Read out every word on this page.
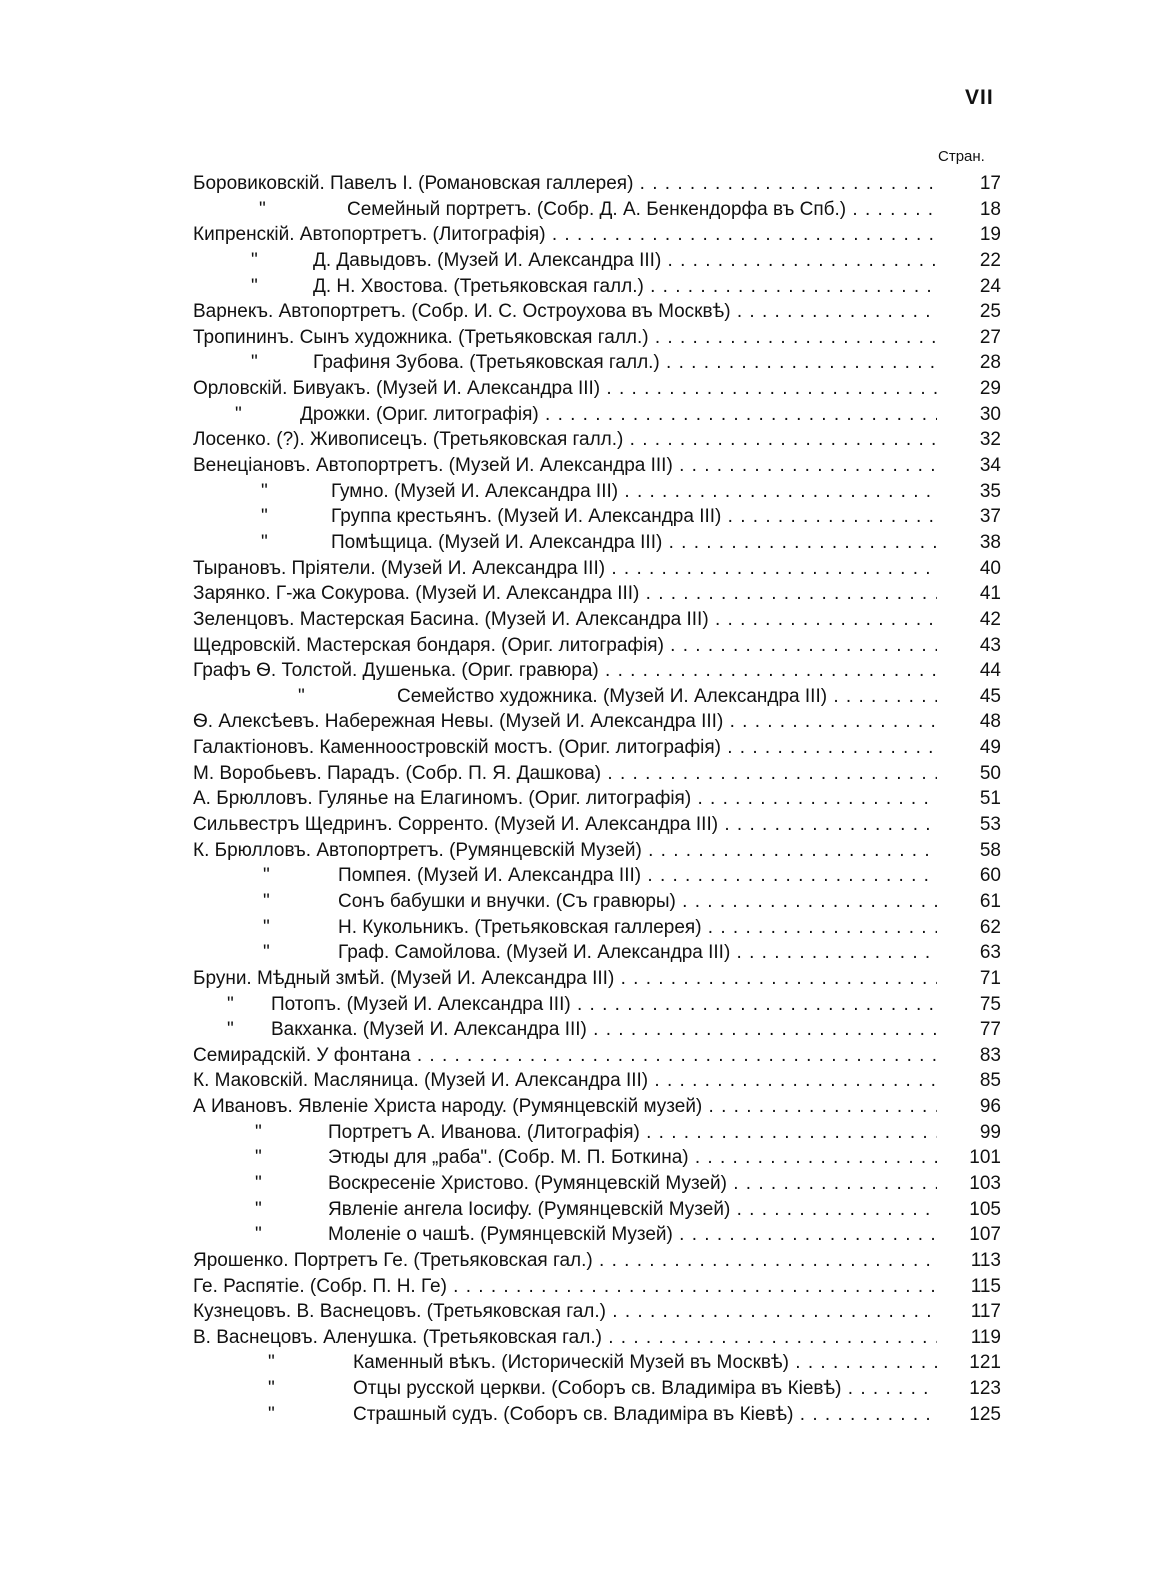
VII
Стран.
Боровиковскій. Павелъ I. (Романовская галлерея) . . .	17
"	Семейный портретъ. (Собр. Д. А. Бенкендорфа въ Спб.) . . .	18
Кипренскій. Автопортретъ. (Литографія) . . .	19
"	Д. Давыдовъ. (Музей И. Александра III) . . .	22
"	Д. Н. Хвостова. (Третьяковская галл.) . . .	24
Варнекъ. Автопортретъ. (Собр. И. С. Остроухова въ Москвѣ) . . .	25
Тропининъ. Сынъ художника. (Третьяковская галл.) . . .	27
"	Графиня Зубова. (Третьяковская галл.) . . .	28
Орловскій. Бивуакъ. (Музей И. Александра III) . . .	29
"	Дрожки. (Ориг. литографія) . . .	30
Лосенко. (?). Живописецъ. (Третьяковская галл.) . . .	32
Венеціановъ. Автопортретъ. (Музей И. Александра III) . . .	34
"	Гумно. (Музей И. Александра III) . . .	35
"	Группа крестьянъ. (Музей И. Александра III) . . .	37
"	Помѣщица. (Музей И. Александра III) . . .	38
Тырановъ. Пріятели. (Музей И. Александра III) . . .	40
Зарянко. Г-жа Сокурова. (Музей И. Александра III) . . .	41
Зеленцовъ. Мастерская Басина. (Музей И. Александра III) . . .	42
Щедровскій. Мастерская бондаря. (Ориг. литографія) . . .	43
Графъ Ѳ. Толстой. Душенька. (Ориг. гравюра) . . .	44
"	Семейство художника. (Музей И. Александра III) . . .	45
Ѳ. Алексѣевъ. Набережная Невы. (Музей И. Александра III) . . .	48
Галактіоновъ. Каменноостровскій мостъ. (Ориг. литографія) . . .	49
М. Воробьевъ. Парадъ. (Собр. П. Я. Дашкова) . . .	50
А. Брюлловъ. Гулянье на Елагиномъ. (Ориг. литографія) . . .	51
Сильвестръ Щедринъ. Сорренто. (Музей И. Александра III) . . .	53
К. Брюлловъ. Автопортретъ. (Румянцевскій Музей) . . .	58
"	Помпея. (Музей И. Александра III) . . .	60
"	Сонъ бабушки и внучки. (Съ гравюры) . . .	61
"	Н. Кукольникъ. (Третьяковская галлерея) . . .	62
"	Граф. Самойлова. (Музей И. Александра III) . . .	63
Бруни. Мѣдный змѣй. (Музей И. Александра III) . . .	71
" Потопъ. (Музей И. Александра III) . . .	75
" Вакханка. (Музей И. Александра III) . . .	77
Семирадскій. У фонтана . . .	83
К. Маковскій. Масляница. (Музей И. Александра III) . . .	85
А Ивановъ. Явленіе Христа народу. (Румянцевскій музей) . . .	96
"	Портретъ А. Иванова. (Литографія) . . .	99
"	Этюды для „раба". (Собр. М. П. Боткина) . . .	101
"	Воскресеніе Христово. (Румянцевскій Музей) . . .	103
"	Явленіе ангела Іосифу. (Румянцевскій Музей) . . .	105
"	Моленіе о чашѣ. (Румянцевскій Музей) . . .	107
Ярошенко. Портретъ Ге. (Третьяковская гал.) . . .	113
Ге. Распятіе. (Собр. П. Н. Ге) . . .	115
Кузнецовъ. В. Васнецовъ. (Третьяковская гал.) . . .	117
В. Васнецовъ. Аленушка. (Третьяковская гал.) . . .	119
"	Каменный вѣкъ. (Историческій Музей въ Москвѣ) . . .	121
"	Отцы русской церкви. (Соборъ св. Владиміра въ Кіевѣ) . . .	123
"	Страшный судъ. (Соборъ св. Владиміра въ Кіевѣ) . . .	125
